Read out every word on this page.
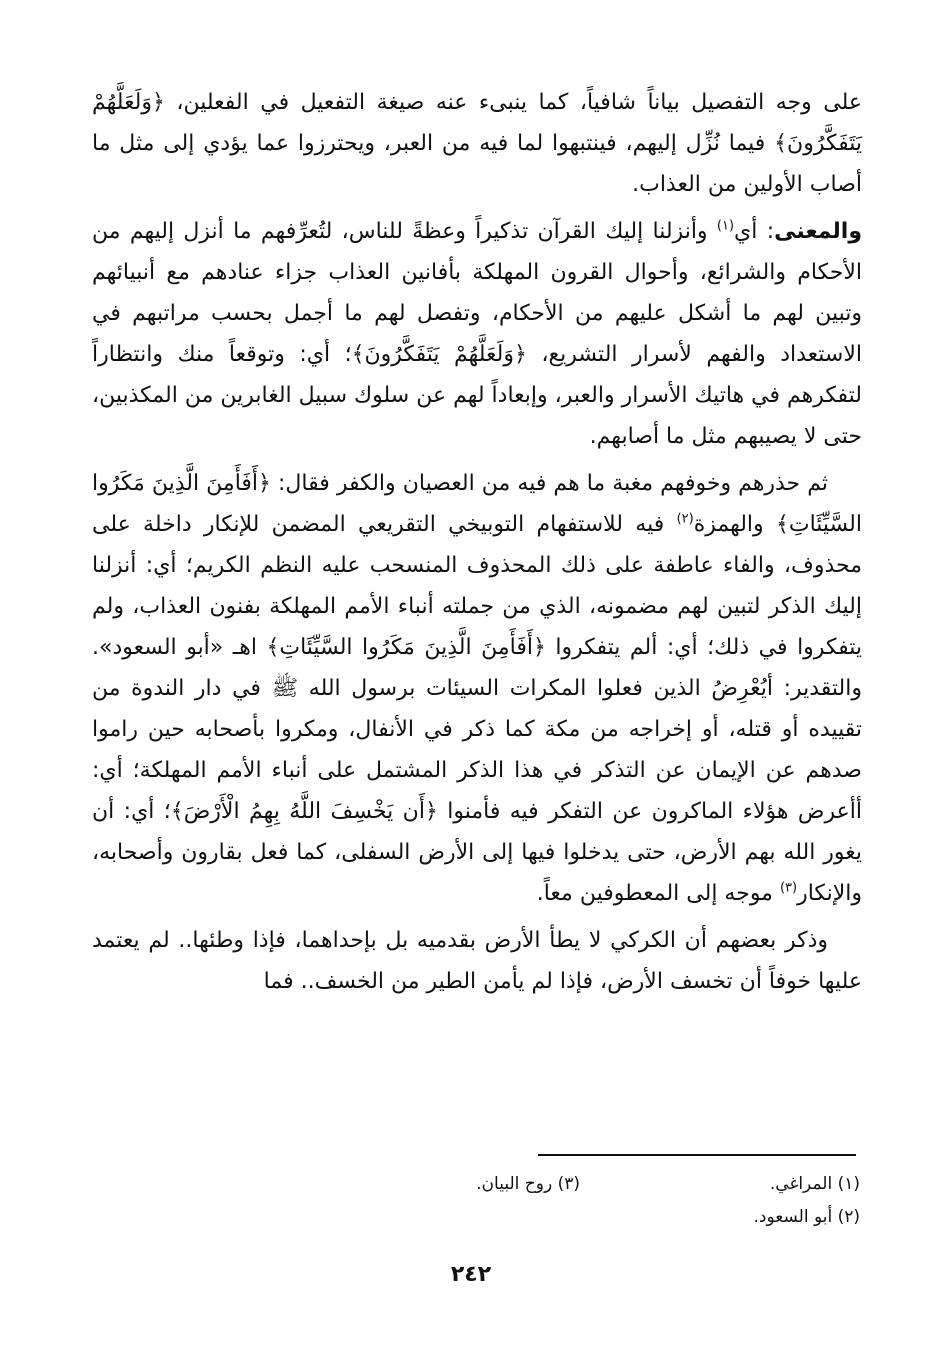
على وجه التفصيل بياناً شافياً، كما ينبىء عنه صيغة التفعيل في الفعلين، ﴿وَلَعَلَّهُمْ يَتَفَكَّرُونَ﴾ فيما نُزِّل إليهم، فينتبهوا لما فيه من العبر، ويحترزوا عما يؤدي إلى مثل ما أصاب الأولين من العذاب.

والمعنى: أي$^{(١)}$ وأنزلنا إليك القرآن تذكيراً وعظةً للناس، لتُعرِّفهم ما أنزل إليهم من الأحكام والشرائع، وأحوال القرون المهلكة بأفانين العذاب جزاء عنادهم مع أنبيائهم وتبين لهم ما أشكل عليهم من الأحكام، وتفصل لهم ما أجمل بحسب مراتبهم في الاستعداد والفهم لأسرار التشريع، ﴿وَلَعَلَّهُمْ يَتَفَكَّرُونَ﴾؛ أي: وتوقعاً منك وانتظاراً لتفكرهم في هاتيك الأسرار والعبر، وإبعاداً لهم عن سلوك سبيل الغابرين من المكذبين، حتى لا يصيبهم مثل ما أصابهم.

ثم حذرهم وخوفهم مغبة ما هم فيه من العصيان والكفر فقال: ﴿أَفَأَمِنَ الَّذِينَ مَكَرُوا السَّيِّئَاتِ﴾ والهمزة$^{(٢)}$ فيه للاستفهام التوبيخي التقريعي المضمن للإنكار داخلة على محذوف، والفاء عاطفة على ذلك المحذوف المنسحب عليه النظم الكريم؛ أي: أنزلنا إليك الذكر لتبين لهم مضمونه، الذي من جملته أنباء الأمم المهلكة بفنون العذاب، ولم يتفكروا في ذلك؛ أي: ألم يتفكروا ﴿أَفَأَمِنَ الَّذِينَ مَكَرُوا السَّيِّئَاتِ﴾ اهـ «أبو السعود». والتقدير: أيُعْرِضُ الذين فعلوا المكرات السيئات برسول الله ﷺ في دار الندوة من تقييده أو قتله، أو إخراجه من مكة كما ذكر في الأنفال، ومكروا بأصحابه حين راموا صدهم عن الإيمان عن التذكر في هذا الذكر المشتمل على أنباء الأمم المهلكة؛ أي: أأعرض هؤلاء الماكرون عن التفكر فيه فأمنوا ﴿أَن يَخْسِفَ اللَّهُ بِهِمُ الْأَرْضَ﴾؛ أي: أن يغور الله بهم الأرض، حتى يدخلوا فيها إلى الأرض السفلى، كما فعل بقارون وأصحابه، والإنكار$^{(٣)}$ موجه إلى المعطوفين معاً.

وذكر بعضهم أن الكركي لا يطأ الأرض بقدميه بل بإحداهما، فإذا وطئها.. لم يعتمد عليها خوفاً أن تخسف الأرض، فإذا لم يأمن الطير من الخسف.. فما

(١) المراغي.
(٣) روح البيان.
(٢) أبو السعود.
٢٤٢
